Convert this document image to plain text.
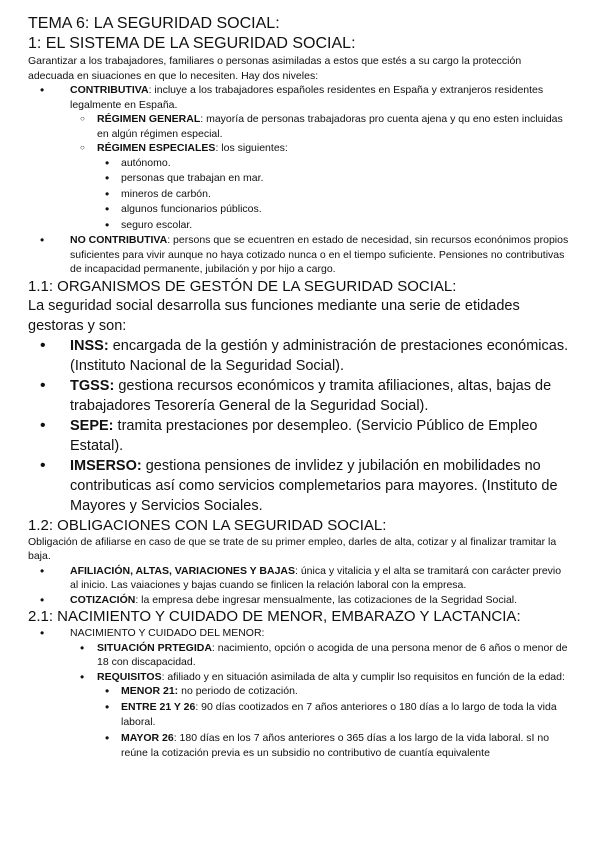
TEMA 6: LA SEGURIDAD SOCIAL:
1: EL SISTEMA DE LA SEGURIDAD SOCIAL:

Garantizar a los trabajadores, familiares o personas asimiladas a estos que estés a su cargo la protección adecuada en siuaciones en que lo necesiten. Hay dos niveles:

• CONTRIBUTIVA: incluye a los trabajadores españoles residentes en España y extranjeros residentes legalmente en España.
○ RÉGIMEN GENERAL: mayoría de personas trabajadoras pro cuenta ajena y qu eno esten incluidas en algún régimen especial.
○ RÉGIMEN ESPECIALES: los siguientes:
• autónomo.
• personas que trabajan en mar.
• mineros de carbón.
• algunos funcionarios públicos.
• seguro escolar.
• NO CONTRIBUTIVA: persons que se ecuentren en estado de necesidad, sin recursos econónimos propios suficientes para vivir aunque no haya cotizado nunca o en el tiempo suficiente. Pensiones no contributivas de incapacidad permanente, jubilación y por hijo a cargo.
1.1: ORGANISMOS DE GESTÓN DE LA SEGURIDAD SOCIAL:

La seguridad social desarrolla sus funciones mediante una serie de etidades gestoras y son:

• INSS: encargada de la gestión y administración de prestaciones económicas. (Instituto Nacional de la Seguridad Social).
• TGSS: gestiona recursos económicos y tramita afiliaciones, altas, bajas de trabajadores Tesorería General de la Seguridad Social).
• SEPE: tramita prestaciones por desempleo. (Servicio Público de Empleo Estatal).
• IMSERSO: gestiona pensiones de invlidez y jubilación en mobilidades no contributicas así como servicios complemetarios para mayores. (Instituto de Mayores y Servicios Sociales.
1.2: OBLIGACIONES CON LA SEGURIDAD SOCIAL:

Obligación de afiliarse en caso de que se trate de su primer empleo, darles de alta, cotizar y al finalizar tramitar la baja.

• AFILIACIÓN, ALTAS, VARIACIONES Y BAJAS: única y vitalicia y el alta se tramitará con carácter previo al inicio. Las vaiaciones y bajas cuando se finlicen la relación laboral con la empresa.
• COTIZACIÓN: la empresa debe ingresar mensualmente, las cotizaciones de la Segridad Social.
2.1: NACIMIENTO Y CUIDADO DE MENOR, EMBARAZO Y LACTANCIA:
• NACIMIENTO Y CUIDADO DEL MENOR:
• SITUACIÓN PRTEGIDA: nacimiento, opción o acogida de una persona menor de 6 años o menor de 18 con discapacidad.
• REQUISITOS: afiliado y en situación asimilada de alta y cumplir lso requisitos en función de la edad:
• MENOR 21: no periodo de cotización.
• ENTRE 21 Y 26: 90 días cootizados en 7 años anteriores o 180 días a lo largo de toda la vida laboral.
• MAYOR 26: 180 días en los 7 años anteriores o 365 días a los largo de la vida laboral. sI no reúne la cotización previa es un subsidio no contributivo de cuantía equivalente
